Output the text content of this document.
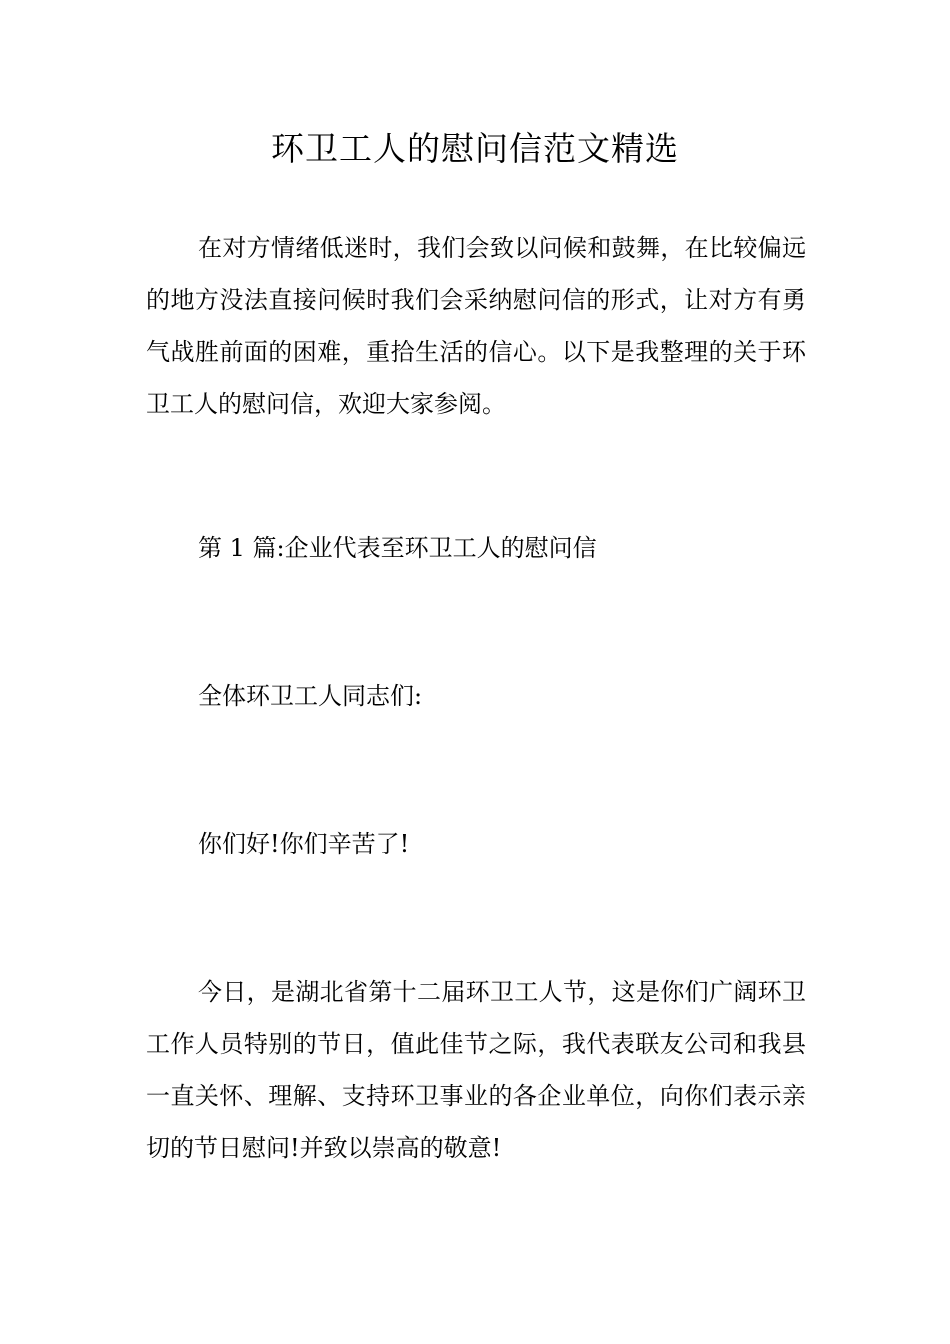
环卫工人的慰问信范文精选

在对方情绪低迷时，我们会致以问候和鼓舞，在比较偏远的地方没法直接问候时我们会采纳慰问信的形式，让对方有勇气战胜前面的困难，重拾生活的信心。以下是我整理的关于环卫工人的慰问信，欢迎大家参阅。

第 1 篇:企业代表至环卫工人的慰问信

全体环卫工人同志们:

你们好!你们辛苦了!

今日，是湖北省第十二届环卫工人节，这是你们广阔环卫工作人员特别的节日，值此佳节之际，我代表联友公司和我县一直关怀、理解、支持环卫事业的各企业单位，向你们表示亲切的节日慰问!并致以崇高的敬意!
